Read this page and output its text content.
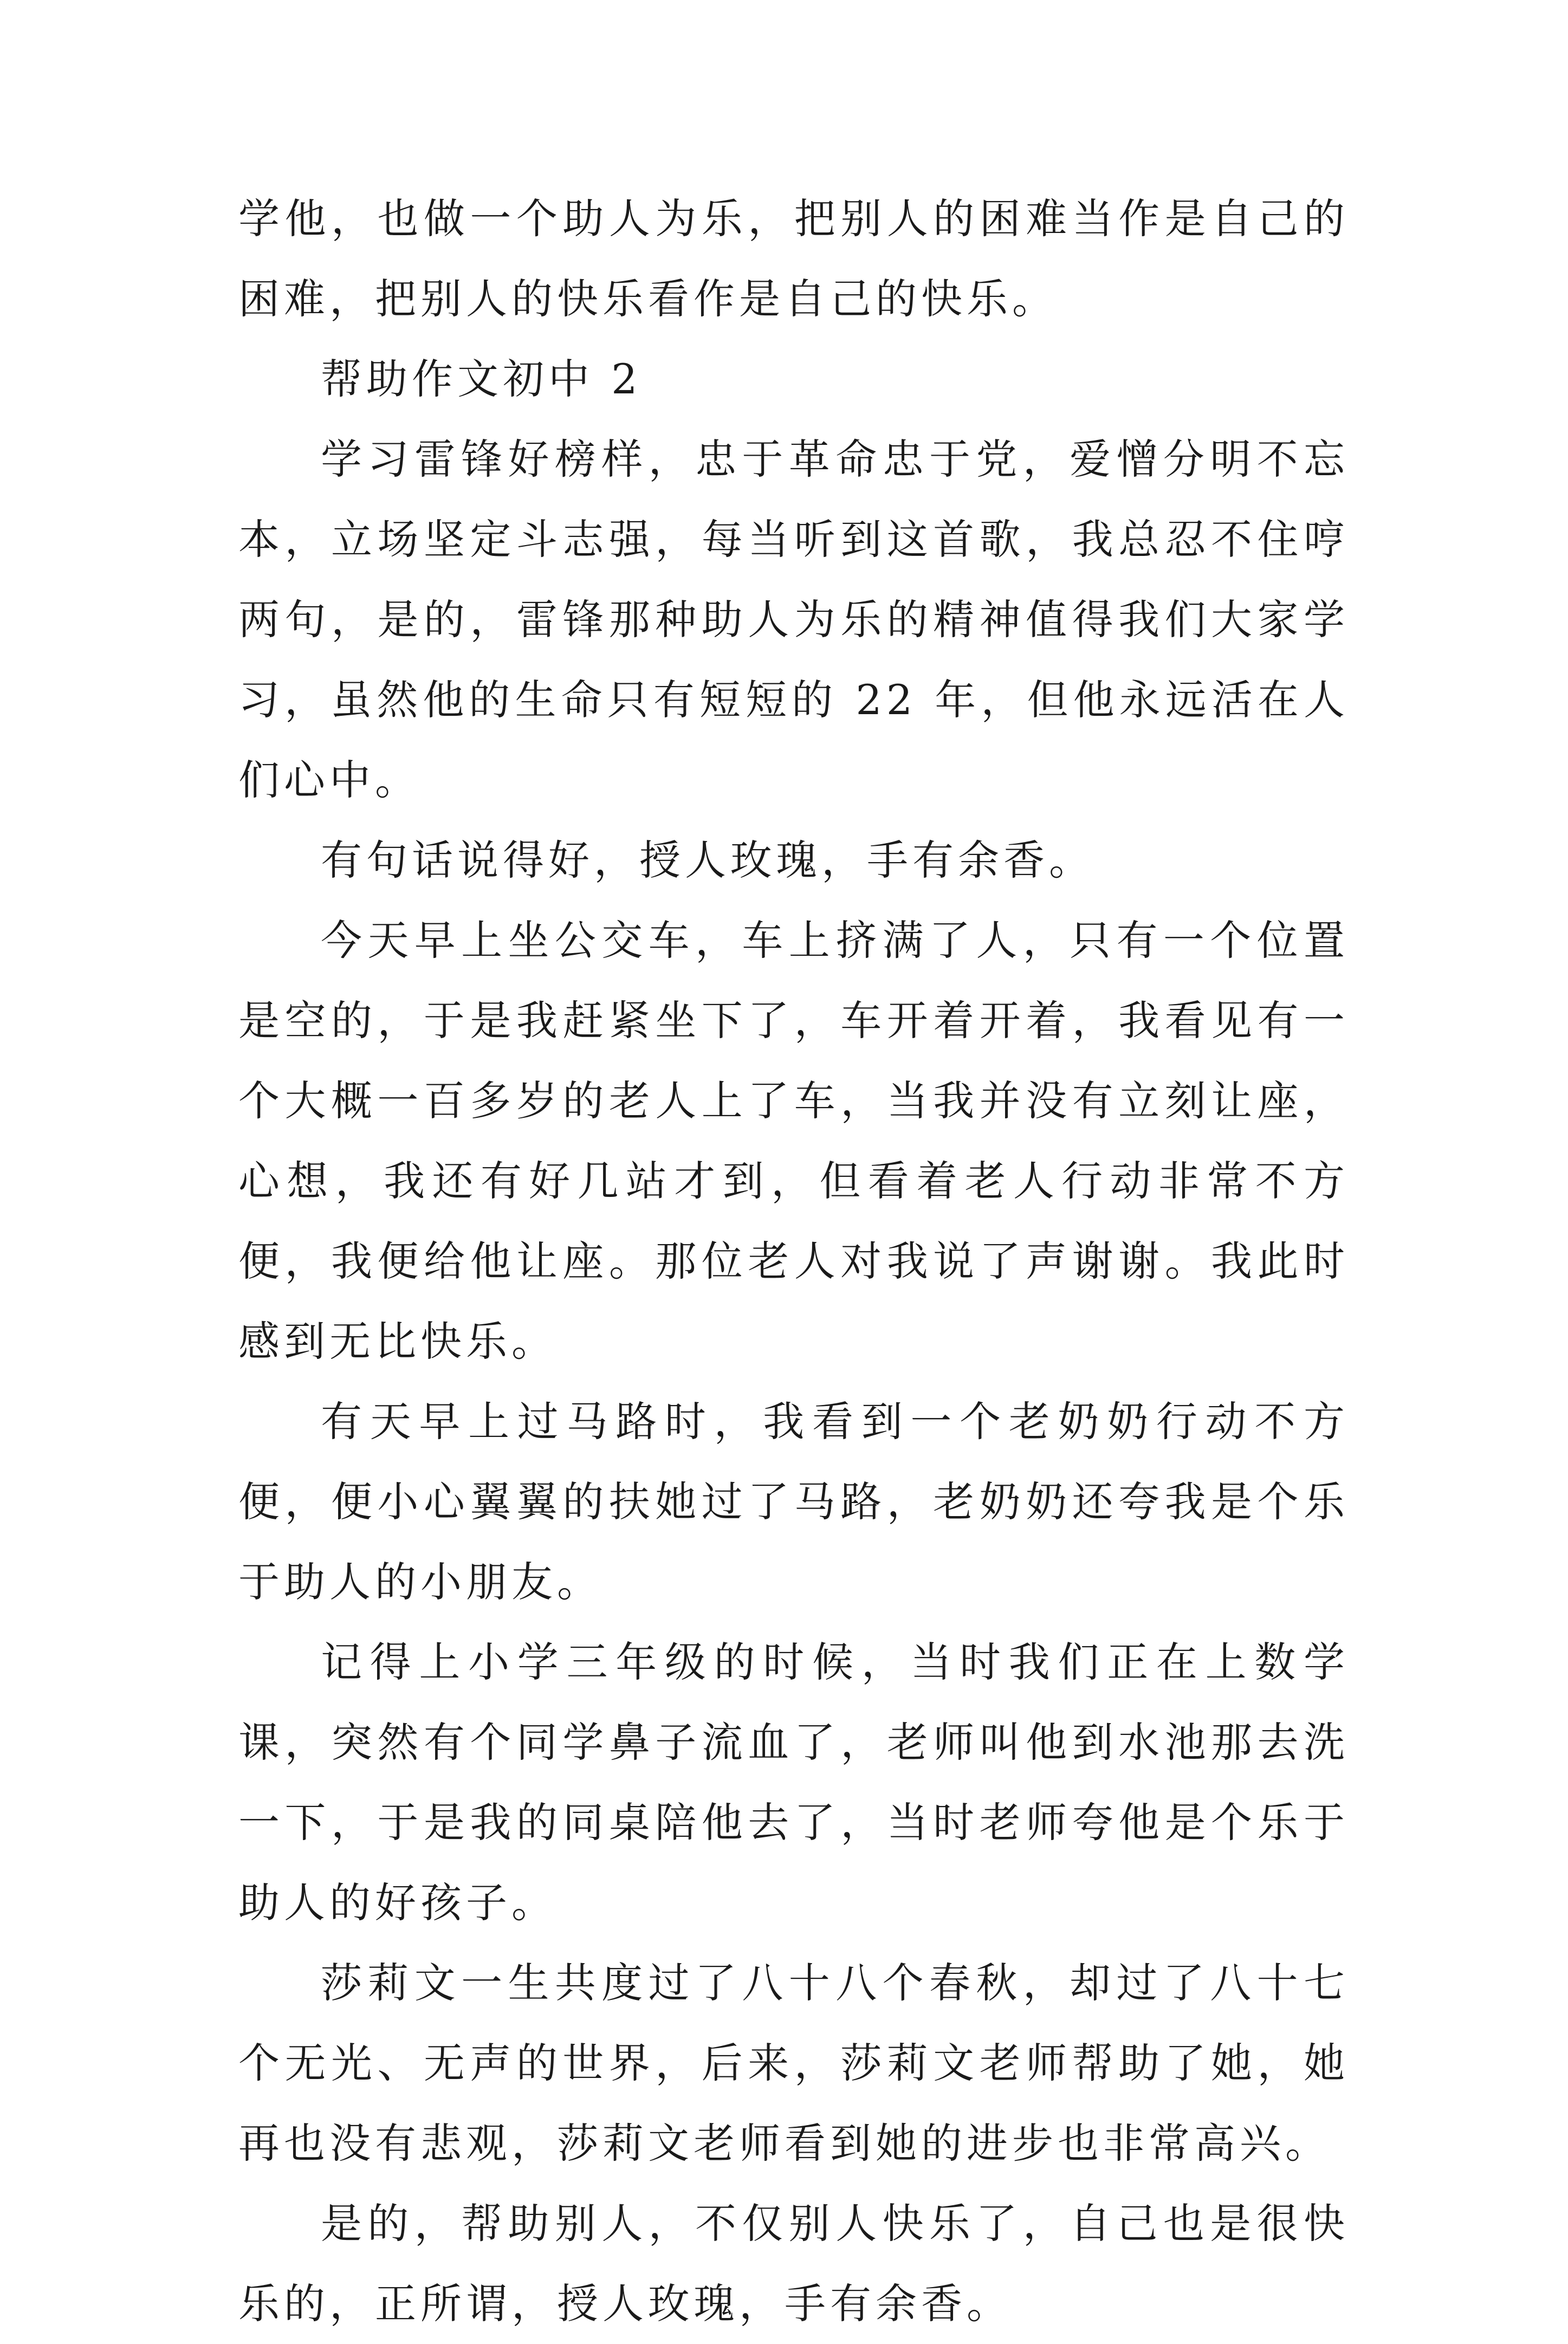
学他，也做一个助人为乐，把别人的困难当作是自己的困难，把别人的快乐看作是自己的快乐。

帮助作文初中 2

学习雷锋好榜样，忠于革命忠于党，爱憎分明不忘本，立场坚定斗志强，每当听到这首歌，我总忍不住哼两句，是的，雷锋那种助人为乐的精神值得我们大家学习，虽然他的生命只有短短的 22 年，但他永远活在人们心中。

有句话说得好，授人玫瑰，手有余香。

今天早上坐公交车，车上挤满了人，只有一个位置是空的，于是我赶紧坐下了，车开着开着，我看见有一个大概一百多岁的老人上了车，当我并没有立刻让座，心想，我还有好几站才到，但看着老人行动非常不方便，我便给他让座。那位老人对我说了声谢谢。我此时感到无比快乐。

有天早上过马路时，我看到一个老奶奶行动不方便，便小心翼翼的扶她过了马路，老奶奶还夸我是个乐于助人的小朋友。

记得上小学三年级的时候，当时我们正在上数学课，突然有个同学鼻子流血了，老师叫他到水池那去洗一下，于是我的同桌陪他去了，当时老师夸他是个乐于助人的好孩子。

莎莉文一生共度过了八十八个春秋，却过了八十七个无光、无声的世界，后来，莎莉文老师帮助了她，她再也没有悲观，莎莉文老师看到她的进步也非常高兴。

是的，帮助别人，不仅别人快乐了，自己也是很快乐的，正所谓，授人玫瑰，手有余香。
